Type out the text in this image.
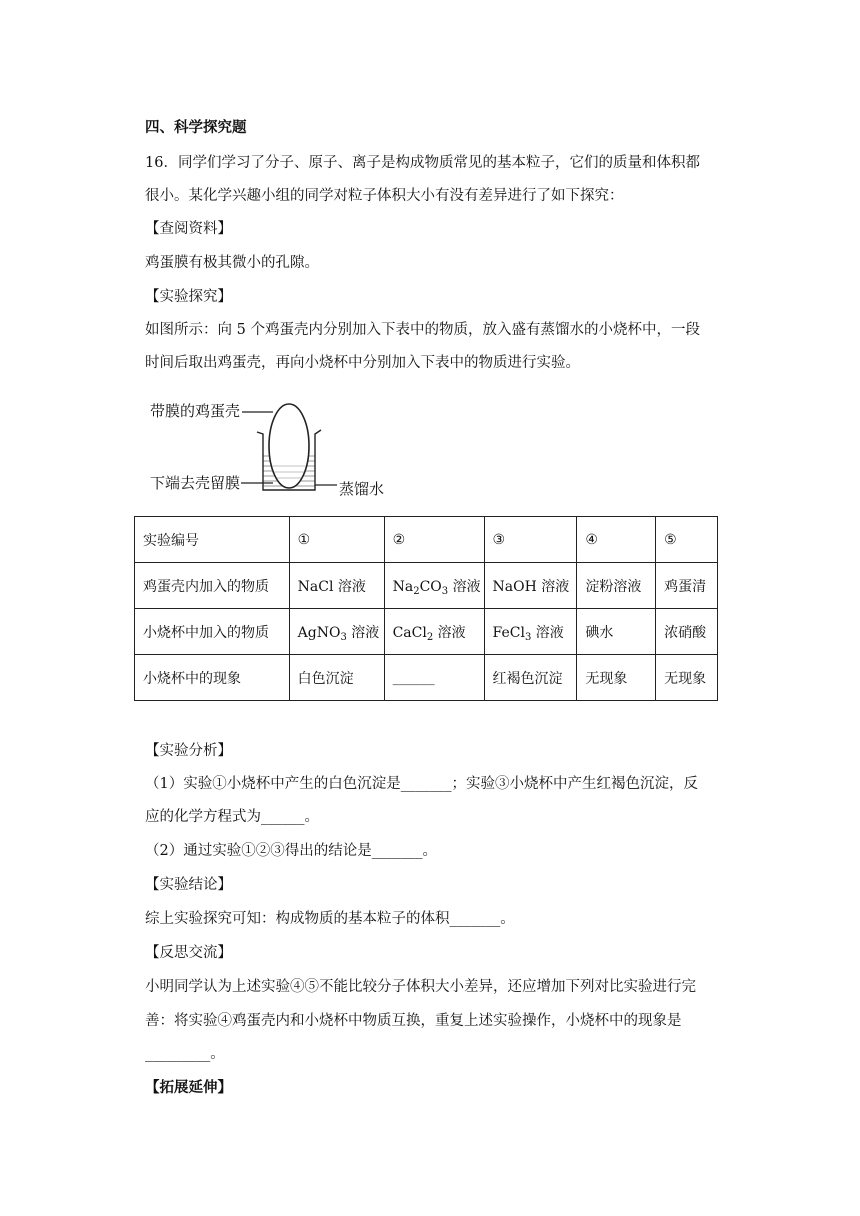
四、科学探究题
16．同学们学习了分子、原子、离子是构成物质常见的基本粒子，它们的质量和体积都
很小。某化学兴趣小组的同学对粒子体积大小有没有差异进行了如下探究：
【查阅资料】
鸡蛋膜有极其微小的孔隙。
【实验探究】
如图所示：向 5 个鸡蛋壳内分别加入下表中的物质，放入盛有蒸馏水的小烧杯中，一段
时间后取出鸡蛋壳，再向小烧杯中分别加入下表中的物质进行实验。
带膜的鸡蛋壳
下端去壳留膜	蒸馏水
实验编号	①	②	③	④	⑤
鸡蛋壳内加入的物质	NaCl 溶液	$Na_2CO_3$ 溶液	NaOH 溶液	淀粉溶液	鸡蛋清
小烧杯中加入的物质	AgNO$_3$ 溶液	CaCl$_2$ 溶液	FeCl$_3$ 溶液	碘水	浓硝酸
小烧杯中的现象	白色沉淀	______	红褐色沉淀	无现象	无现象
【实验分析】
（1）实验①小烧杯中产生的白色沉淀是_______；实验③小烧杯中产生红褐色沉淀，反
应的化学方程式为______。
（2）通过实验①②③得出的结论是_______。
【实验结论】
综上实验探究可知：构成物质的基本粒子的体积_______。
【反思交流】
小明同学认为上述实验④⑤不能比较分子体积大小差异，还应增加下列对比实验进行完
善：将实验④鸡蛋壳内和小烧杯中物质互换，重复上述实验操作，小烧杯中的现象是
_________。
【拓展延伸】
